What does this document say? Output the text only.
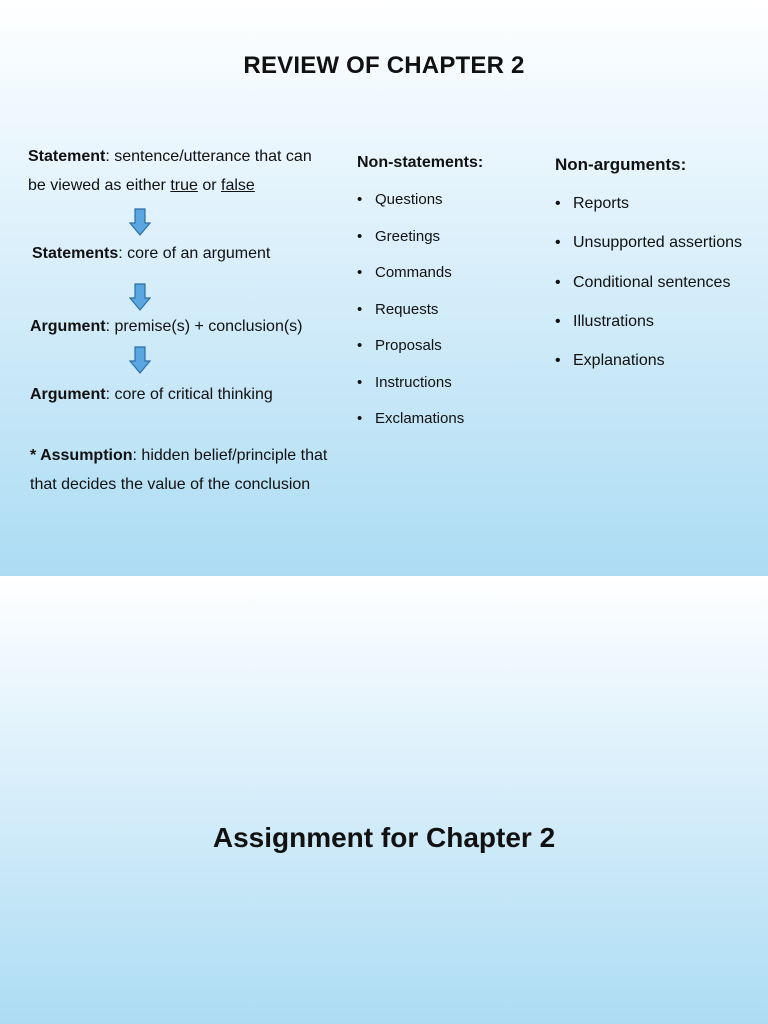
REVIEW OF CHAPTER 2
Statement: sentence/utterance that can
be viewed as either true or false
Statements: core of an argument
Argument: premise(s) + conclusion(s)
Argument: core of critical thinking
* Assumption: hidden belief/principle that
that decides the value of the conclusion
Non-statements:
• Questions
• Greetings
• Commands
• Requests
• Proposals
• Instructions
• Exclamations
Non-arguments:
• Reports
• Unsupported assertions
• Conditional sentences
• Illustrations
• Explanations
Assignment for Chapter 2
